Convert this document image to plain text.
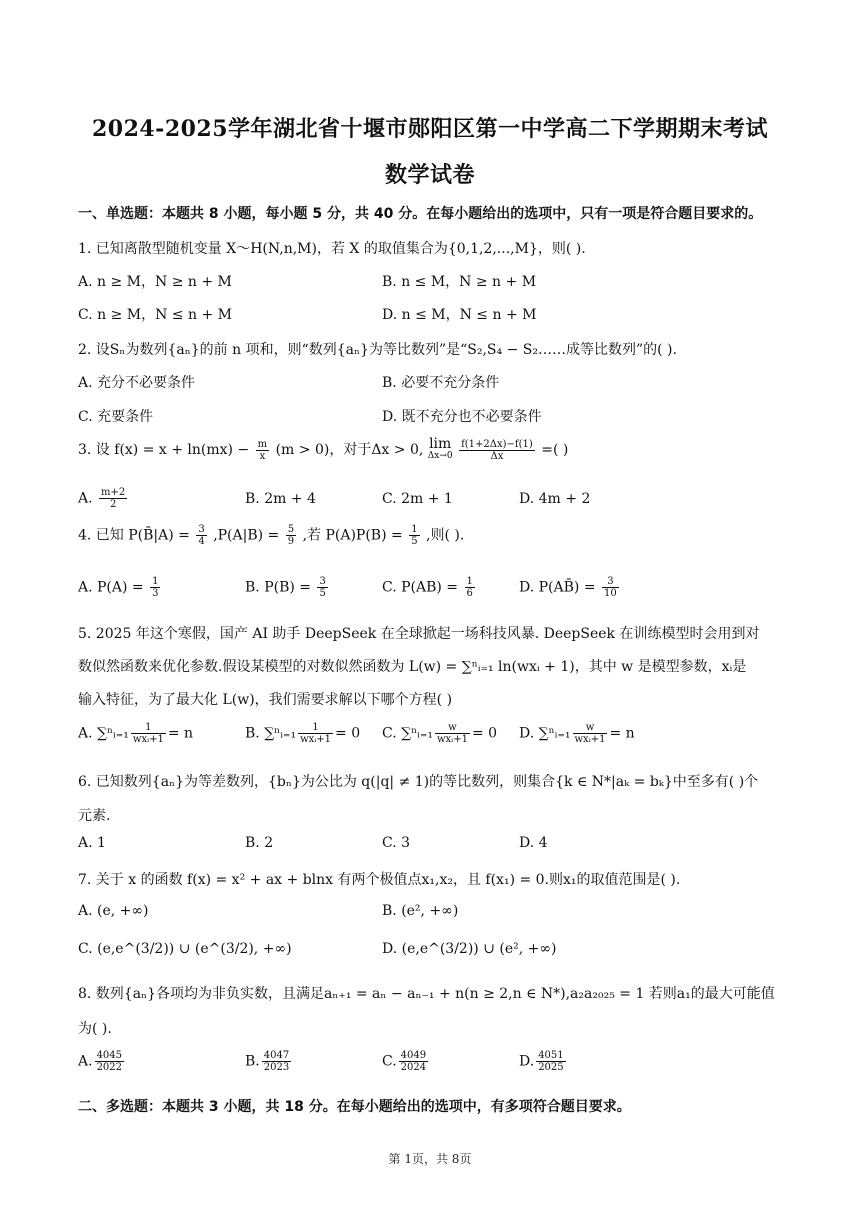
2024-2025学年湖北省十堰市郧阳区第一中学高二下学期期末考试
数学试卷
一、单选题：本题共 8 小题，每小题 5 分，共 40 分。在每小题给出的选项中，只有一项是符合题目要求的。
1. 已知离散型随机变量 X～H(N,n,M)，若 X 的取值集合为{0,1,2,...,M}，则( ).
A. n ≥ M，N ≥ n + M	B. n ≤ M，N ≥ n + M
C. n ≥ M，N ≤ n + M	D. n ≤ M，N ≤ n + M
2. 设Sₙ为数列{aₙ}的前 n 项和，则“数列{aₙ}为等比数列”是“S₂,S₄ − S₂……成等比数列”的( ).
A. 充分不必要条件	B. 必要不充分条件
C. 充要条件	D. 既不充分也不必要条件
3. 设 $f(x) = x + \ln(mx) - \frac{m}{x} (m > 0)$，对于Δx > 0, lim
Δx→0
$\frac{f(1+2\Delta x)-f(1)}{\Delta x}$ =( )
A. $\frac{m+2}{2}$	B. 2m + 4	C. 2m + 1	D. 4m + 2
4. 已知 P(B̄|A) = $\frac{3}{4} ,P(A|B) = \frac{5}{9}$ ,若 $P(A)P(B) = \frac{1}{5}$ ,则( ).
A. $P(A) = \frac{1}{3}$	B. $P(B) = \frac{3}{5}$	C. $P(AB) = \frac{1}{6}$	D. P(AB̄) = $\frac{3}{10}$
5. 2025 年这个寒假，国产 AI 助手 DeepSeek 在全球掀起一场科技风暴. DeepSeek 在训练模型时会用到对
数似然函数来优化参数.假设某模型的对数似然函数为 L(w) = ∑ⁿᵢ₌₁ ln(wxᵢ + 1)，其中 w 是模型参数，xᵢ是
输入特征，为了最大化 L(w)，我们需要求解以下哪个方程( )
A. ∑ⁿᵢ₌₁ $\frac{1}{\text{wxᵢ+1}} = n$	B. ∑ⁿᵢ₌₁ $\frac{1}{\text{wxᵢ+1}} = 0$ C. ∑ⁿᵢ₌₁ $\frac{w}{\text{wxᵢ+1}} = 0$ D. ∑ⁿᵢ₌₁ $\frac{w}{\text{wxᵢ+1}} = n$
6. 已知数列{aₙ}为等差数列，{bₙ}为公比为 q(|q| ≠ 1)的等比数列，则集合{k ∈ N*|aₖ = bₖ}中至多有( )个
元素.
A. 1	B. 2	C. 3	D. 4
7. 关于 x 的函数 f(x) = x² + ax + blnx 有两个极值点x₁,x₂，且 f(x₁) = 0.则x₁的取值范围是( ).
A. (e, +∞)	B. (e², +∞)
C. (e,e^(3/2)) ∪ (e^(3/2), +∞)	D. (e,e^(3/2)) ∪ (e², +∞)
8. 数列{aₙ}各项均为非负实数，且满足aₙ₊₁ = aₙ − aₙ₋₁ + n(n ≥ 2,n ∈ N*),a₂a₂₀₂₅ = 1 若则a₁的最大可能值
为( ).
A. $\frac{4045}{2022}$	B. $\frac{4047}{2023}$	C. $\frac{4049}{2024}$	D. $\frac{4051}{2025}$
二、多选题：本题共 3 小题，共 18 分。在每小题给出的选项中，有多项符合题目要求。
第 1页，共 8页
